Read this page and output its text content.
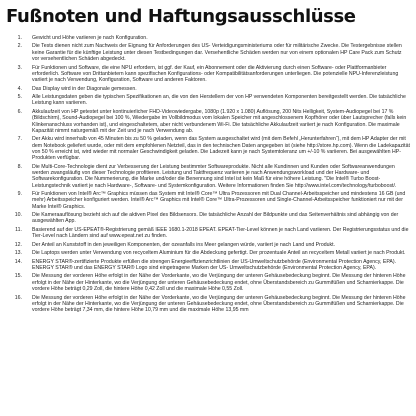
Fußnoten und Haftungsausschlüsse
1.	Gewicht und Höhe variieren je nach Konfiguration.
2.	Die Tests dienen nicht zum Nachweis der Eignung für Anforderungen des US- Verteidigungsministeriums oder für militärische Zwecke. Die Testergebnisse stellen keine Garantie für die künftige Leistung unter diesen Testbedingungen dar. Versehentliche Schäden werden nur von einem optionalen HP Care Pack zum Schutz vor versehentlichen Schäden abgedeckt.
3.	Für Funktionen und Software, die eine NPU erfordern, ist ggf. der Kauf, ein Abonnement oder die Aktivierung durch einen Software- oder Plattformanbieter erforderlich. Software von Drittanbietern kann spezifischen Konfigurations- oder Kompatibilitätsanforderungen unterliegen. Die potenzielle NPU-Inferenzleistung variiert je nach Verwendung, Konfiguration, Software und anderen Faktoren.
4.	Das Display wird in der Diagonale gemessen.
5.	Alle Leistungsdaten geben die typischen Spezifikationen an, die von den Herstellern der von HP verwendeten Komponenten bereitgestellt werden. Die tatsächliche Leistung kann variieren.
6.	Akkulaufzeit von HP getestet unter kontinuierlicher FHD-Videowiedergabe, 1080p (1.920 x 1.080) Auflösung, 200 Nits Helligkeit, System-Audiopegel bei 17 % (Bildschirm), Sound-Audiopegel bei 100 %, Wiedergabe im Vollbildmodus vom lokalen Speicher mit angeschlossenem Kopfhörer oder über Lautsprecher (falls kein Klinkenanschluss vorhanden ist), und eingeschaltetem, aber nicht verbundenem Wi-Fi. Die tatsächliche Akkulaufzeit variiert je nach Konfiguration. Die maximale Kapazität nimmt naturgemäß mit der Zeit und je nach Verwendung ab.
7.	Der Akku wird innerhalb von 45 Minuten bis zu 50 % geladen, wenn das System ausgeschaltet wird (mit dem Befehl „Herunterfahren“), mit dem HP Adapter der mit dem Notebook geliefert wurde, oder mit dem empfohlenen Netzteil, das in den technischen Daten angegeben ist (siehe http://store.hp.com). Wenn die Ladekapazität von 50 % erreicht ist, wird wieder mit normaler Geschwindigkeit geladen. Die Ladezeit kann je nach Systemtoleranz um +/-10 % variieren. Bei ausgewählten HP-Produkten verfügbar.
8.	Die Multi-Core-Technologie dient zur Verbesserung der Leistung bestimmter Softwareprodukte. Nicht alle Kundinnen und Kunden oder Softwareanwendungen werden zwangsläufig von dieser Technologie profitieren. Leistung und Taktfrequenz variieren je nach Anwendungsworkload und der Hardware- und Softwarekonfiguration. Die Nummerierung, die Marke und/oder die Benennung sind Intel ist kein Maß für eine höhere Leistung. "Die Intel® Turbo Boost-Leistungstechnik variiert je nach Hardware-, Software- und Systemkonfiguration. Weitere Informationen finden Sie http://www.intel.com/technology/turboboost/.
9.	Für Funktionen von Intel® Arc™ Graphics müssen das System mit Intel® Core™ Ultra Prozessoren mit Dual Channel-Arbeitsspeicher und mindestens 16 GB (und mehr) Arbeitsspeicher konfiguriert werden. Intel® Arc™ Graphics mit Intel® Core™ Ultra-Prozessoren und Single-Channel-Arbeitsspeicher funktioniert nur mit der Marke Intel® Graphics.
10.	Die Kameraauflösung bezieht sich auf die aktiven Pixel des Bildsensors. Die tatsächliche Anzahl der Bildpunkte und das Seitenverhältnis sind abhängig von der ausgewählten App.
11.	Basierend auf der US-EPEAT®-Registrierung gemäß IEEE 1680.1-2018 EPEAT. EPEAT-Tier-Level können je nach Land variieren. Der Registrierungsstatus und die Tier-Level nach Ländern sind auf www.epeat.net zu finden.
12.	Der Anteil an Kunststoff in den jeweiligen Komponenten, der ozeanfalls ins Meer gelangen würde, variiert je nach Land und Produkt.
13.	Die Laptops werden unter Verwendung von recyceltem Aluminium für die Abdeckung gefertigt. Der prozentuale Anteil an recyceltem Metall variiert je nach Produkt.
14.	ENERGY STAR®-zertifizierte Produkte erfüllen die strengen Energieeffizienzrichtlinien der US-Umweltschutzbehörde (Environmental Protection Agency, EPA). ENERGY STAR® und das ENERGY STAR® Logo sind eingetragene Marken der US- Umweltschutzbehörde (Environmental Protection Agency, EPA).
15.	Die Messung der vorderen Höhe erfolgt in der Nähe der Vorderkante, wo die Verjüngung der unteren Gehäusebedeckung beginnt. Die Messung der hinteren Höhe erfolgt in der Nähe der Hinterkante, wo die Verjüngung der unteren Gehäusebedeckung endet, ohne Überstandsbereich zu Gummifüßen und Scharnierkappe. Die vordere Höhe beträgt 0,29 Zoll, die hintere Höhe 0,42 Zoll und die maximale Höhe 0,55 Zoll.
16.	Die Messung der vorderen Höhe erfolgt in der Nähe der Vorderkante, wo die Verjüngung der unteren Gehäusebedeckung beginnt. Die Messung der hinteren Höhe erfolgt in der Nähe der Hinterkante, wo die Verjüngung der unteren Gehäusebedeckung endet, ohne Überstandsbereich zu Gummifüßen und Scharnierkappe. Die vordere Höhe beträgt 7,34 mm, die hintere Höhe 10,79 mm und die maximale Höhe 13,95 mm
